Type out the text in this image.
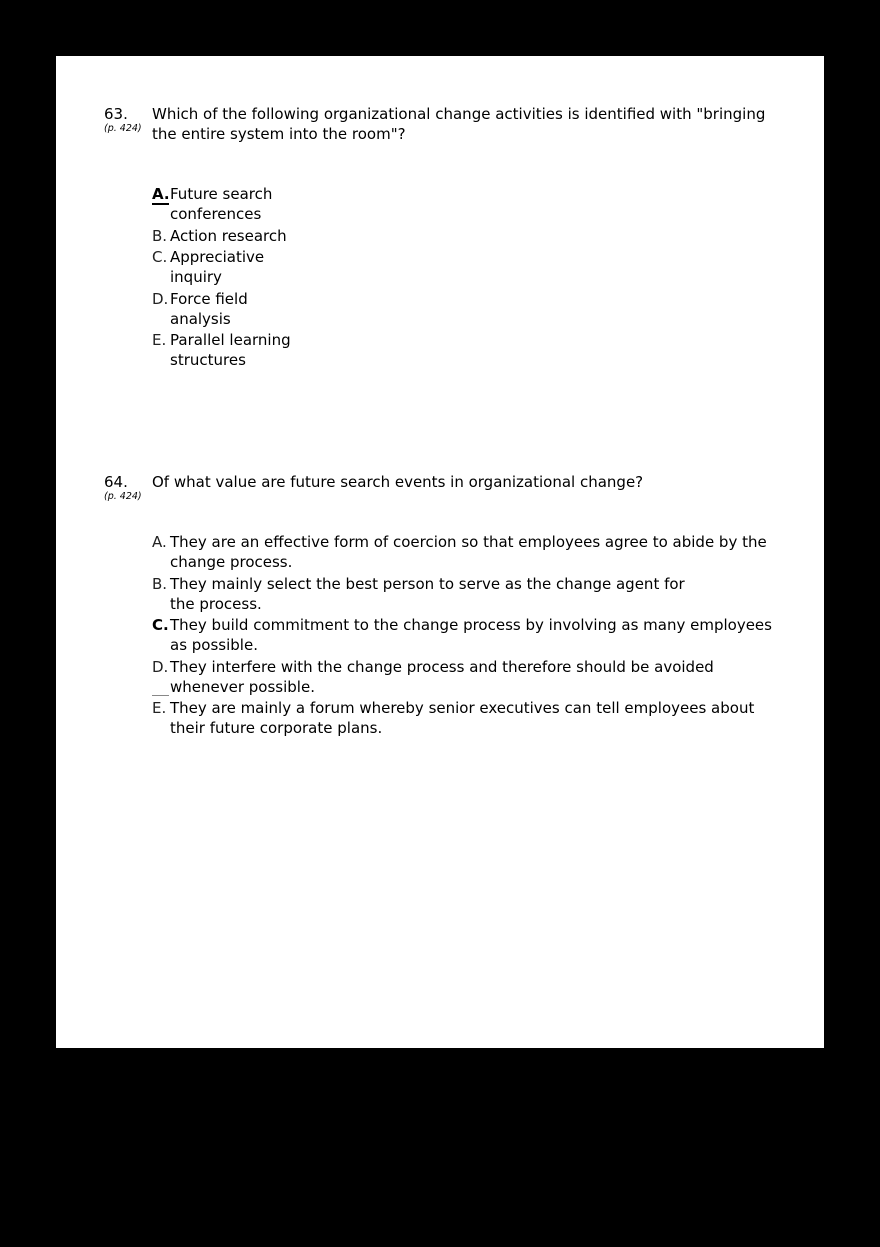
63.
(p. 424)
Which of the following organizational change activities is identified with "bringing the entire system into the room"?
A. Future search conferences
B. Action research
C. Appreciative inquiry
D. Force field analysis
E. Parallel learning structures
64.
(p. 424)
Of what value are future search events in organizational change?
A. They are an effective form of coercion so that employees agree to abide by the change process.
B. They mainly select the best person to serve as the change agent for the process.
C. They build commitment to the change process by involving as many employees as possible.
D. They interfere with the change process and therefore should be avoided whenever possible.
E. They are mainly a forum whereby senior executives can tell employees about their future corporate plans.
